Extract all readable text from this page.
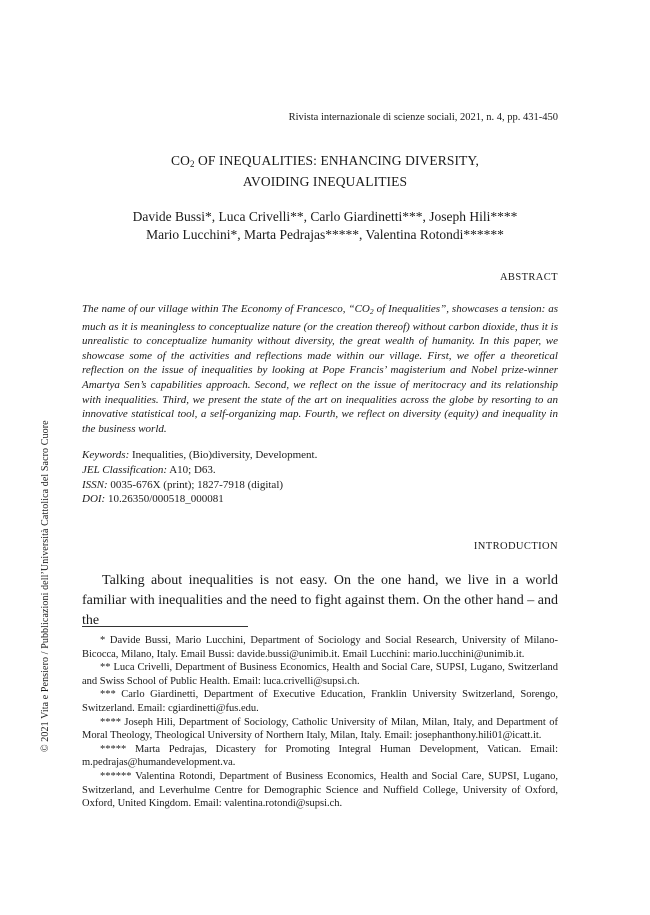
Rivista internazionale di scienze sociali, 2021, n. 4, pp. 431-450
$CO_2$ OF INEQUALITIES: ENHANCING DIVERSITY,
AVOIDING INEQUALITIES
Davide Bussi*, Luca Crivelli**, Carlo Giardinetti***, Joseph Hili****
Mario Lucchini*, Marta Pedrajas*****, Valentina Rotondi******
ABSTRACT
The name of our village within The Economy of Francesco, “$CO_2$ of Inequalities”, showcases a tension: as much as it is meaningless to conceptualize nature (or the creation thereof) without carbon dioxide, thus it is unrealistic to conceptualize humanity without diversity, the great wealth of humanity. In this paper, we showcase some of the activities and reflections made within our village. First, we offer a theoretical reflection on the issue of inequalities by looking at Pope Francis’ magisterium and Nobel prize-winner Amartya Sen’s capabilities approach. Second, we reflect on the issue of meritocracy and its relationship with inequalities. Third, we present the state of the art on inequalities across the globe by resorting to an innovative statistical tool, a self-organizing map. Fourth, we reflect on diversity (equity) and inequality in the business world.
Keywords: Inequalities, (Bio)diversity, Development.
JEL Classification: A10; D63.
ISSN: 0035-676X (print); 1827-7918 (digital)
DOI: 10.26350/000518_000081
INTRODUCTION
Talking about inequalities is not easy. On the one hand, we live in a world familiar with inequalities and the need to fight against them. On the other hand – and the

* Davide Bussi, Mario Lucchini, Department of Sociology and Social Research, University of Milano-Bicocca, Milano, Italy. Email Bussi: davide.bussi@unimib.it. Email Lucchini: mario.lucchini@unimib.it.

** Luca Crivelli, Department of Business Economics, Health and Social Care, SUPSI, Lugano, Switzerland and Swiss School of Public Health. Email: luca.crivelli@supsi.ch.

*** Carlo Giardinetti, Department of Executive Education, Franklin University Switzerland, Sorengo, Switzerland. Email: cgiardinetti@fus.edu.

**** Joseph Hili, Department of Sociology, Catholic University of Milan, Milan, Italy, and Department of Moral Theology, Theological University of Northern Italy, Milan, Italy. Email: josephanthony.hili01@icatt.it.

***** Marta Pedrajas, Dicastery for Promoting Integral Human Development, Vatican. Email: m.pedrajas@humandevelopment.va.

****** Valentina Rotondi, Department of Business Economics, Health and Social Care, SUPSI, Lugano, Switzerland, and Leverhulme Centre for Demographic Science and Nuffield College, University of Oxford, Oxford, United Kingdom. Email: valentina.rotondi@supsi.ch.

© 2021 Vita e Pensiero / Pubblicazioni dell’Università Cattolica del Sacro Cuore
